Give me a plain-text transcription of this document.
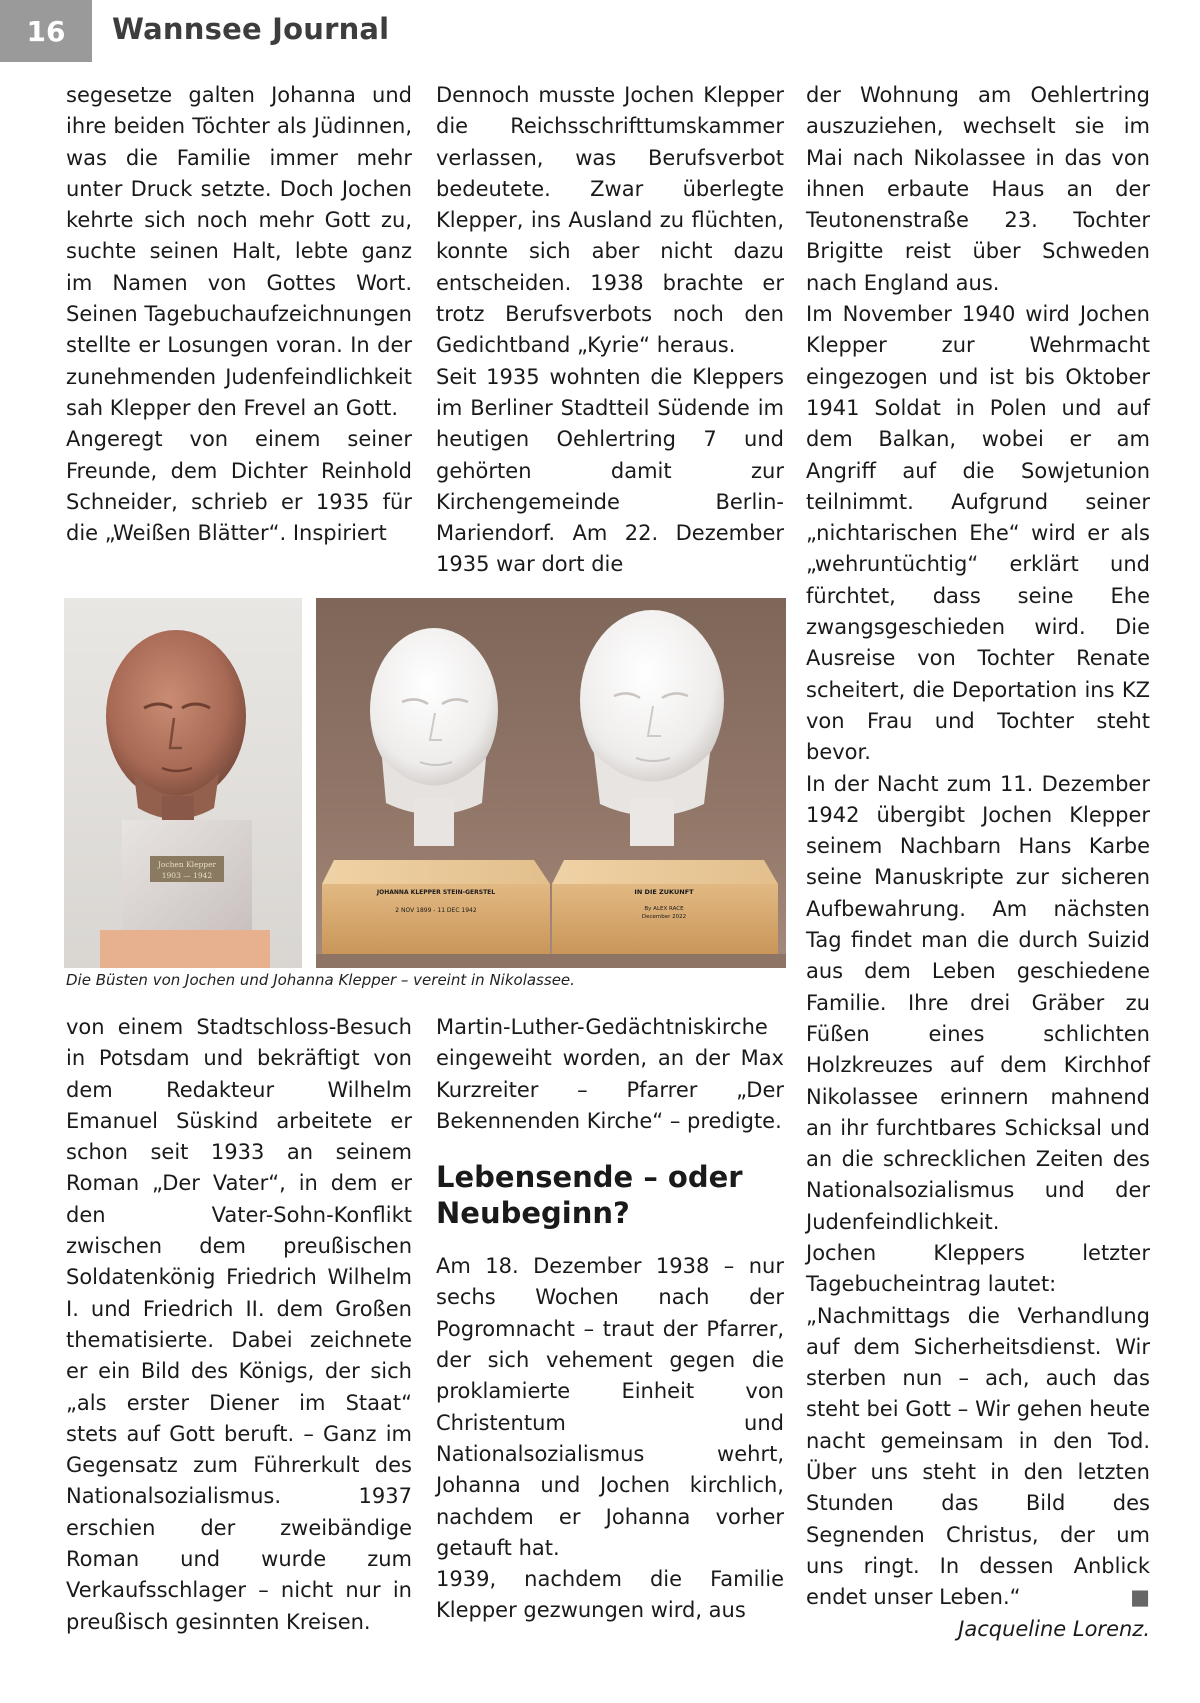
16	Wannsee Journal

segesetze galten Johanna und ihre beiden Töchter als Jüdinnen, was die Familie immer mehr unter Druck setzte. Doch Jochen kehrte sich noch mehr Gott zu, suchte seinen Halt, lebte ganz im Namen von Gottes Wort. Seinen Tagebuchaufzeichnungen stellte er Losungen voran. In der zunehmenden Judenfeindlichkeit sah Klepper den Frevel an Gott.

Angeregt von einem seiner Freunde, dem Dichter Reinhold Schneider, schrieb er 1935 für die „Weißen Blätter“. Inspiriert

Dennoch musste Jochen Klepper die Reichsschrifttumskammer verlassen, was Berufsverbot bedeutete. Zwar überlegte Klepper, ins Ausland zu flüchten, konnte sich aber nicht dazu entscheiden. 1938 brachte er trotz Berufsverbots noch den Gedichtband „Kyrie“ heraus.

Seit 1935 wohnten die Kleppers im Berliner Stadtteil Südende im heutigen Oehlertring 7 und gehörten damit zur Kirchengemeinde Berlin-Mariendorf. Am 22. Dezember 1935 war dort die

der Wohnung am Oehlertring auszuziehen, wechselt sie im Mai nach Nikolassee in das von ihnen erbaute Haus an der Teutonenstraße 23. Tochter Brigitte reist über Schweden nach England aus.

Im November 1940 wird Jochen Klepper zur Wehrmacht eingezogen und ist bis Oktober 1941 Soldat in Polen und auf dem Balkan, wobei er am Angriff auf die Sowjetunion teilnimmt. Aufgrund seiner „nichtarischen Ehe“ wird er als „wehruntüchtig“ erklärt und fürchtet, dass seine Ehe zwangsgeschieden wird. Die Ausreise von Tochter Renate scheitert, die Deportation ins KZ von Frau und Tochter steht bevor.

In der Nacht zum 11. Dezember 1942 übergibt Jochen Klepper seinem Nachbarn Hans Karbe seine Manuskripte zur sicheren Aufbewahrung. Am nächsten Tag findet man die durch Suizid aus dem Leben geschiedene Familie. Ihre drei Gräber zu Füßen eines schlichten Holzkreuzes auf dem Kirchhof Nikolassee erinnern mahnend an ihr furchtbares Schicksal und an die schrecklichen Zeiten des Nationalsozialismus und der Judenfeindlichkeit.

Jochen Kleppers letzter Tagebucheintrag lautet:

„Nachmittags die Verhandlung auf dem Sicherheitsdienst. Wir sterben nun – ach, auch das steht bei Gott – Wir gehen heute nacht gemeinsam in den Tod. Über uns steht in den letzten Stunden das Bild des Segnenden Christus, der um uns ringt. In dessen Anblick endet unser Leben.“	■

Jacqueline Lorenz.

Jochen Klepper
1903 — 1942
JOHANNA KLEPPER STEIN-GERSTEL
2 NOV 1899 - 11 DEC 1942
IN DIE ZUKUNFT
By ALEX RACE
December 2022
Die Büsten von Jochen und Johanna Klepper – vereint in Nikolassee.

von einem Stadtschloss-Besuch in Potsdam und bekräftigt von dem Redakteur Wilhelm Emanuel Süskind arbeitete er schon seit 1933 an seinem Roman „Der Vater“, in dem er den Vater-Sohn-Konflikt zwischen dem preußischen Soldatenkönig Friedrich Wilhelm I. und Friedrich II. dem Großen thematisierte. Dabei zeichnete er ein Bild des Königs, der sich „als erster Diener im Staat“ stets auf Gott beruft. – Ganz im Gegensatz zum Führerkult des Nationalsozialismus. 1937 erschien der zweibändige Roman und wurde zum Verkaufsschlager – nicht nur in preußisch gesinnten Kreisen.

Martin-Luther-Gedächtniskirche eingeweiht worden, an der Max Kurzreiter – Pfarrer „Der Bekennenden Kirche“ – predigte.

Lebensende – oder Neubeginn?

Am 18. Dezember 1938 – nur sechs Wochen nach der Pogromnacht – traut der Pfarrer, der sich vehement gegen die proklamierte Einheit von Christentum und Nationalsozialismus wehrt, Johanna und Jochen kirchlich, nachdem er Johanna vorher getauft hat.

1939, nachdem die Familie Klepper gezwungen wird, aus
